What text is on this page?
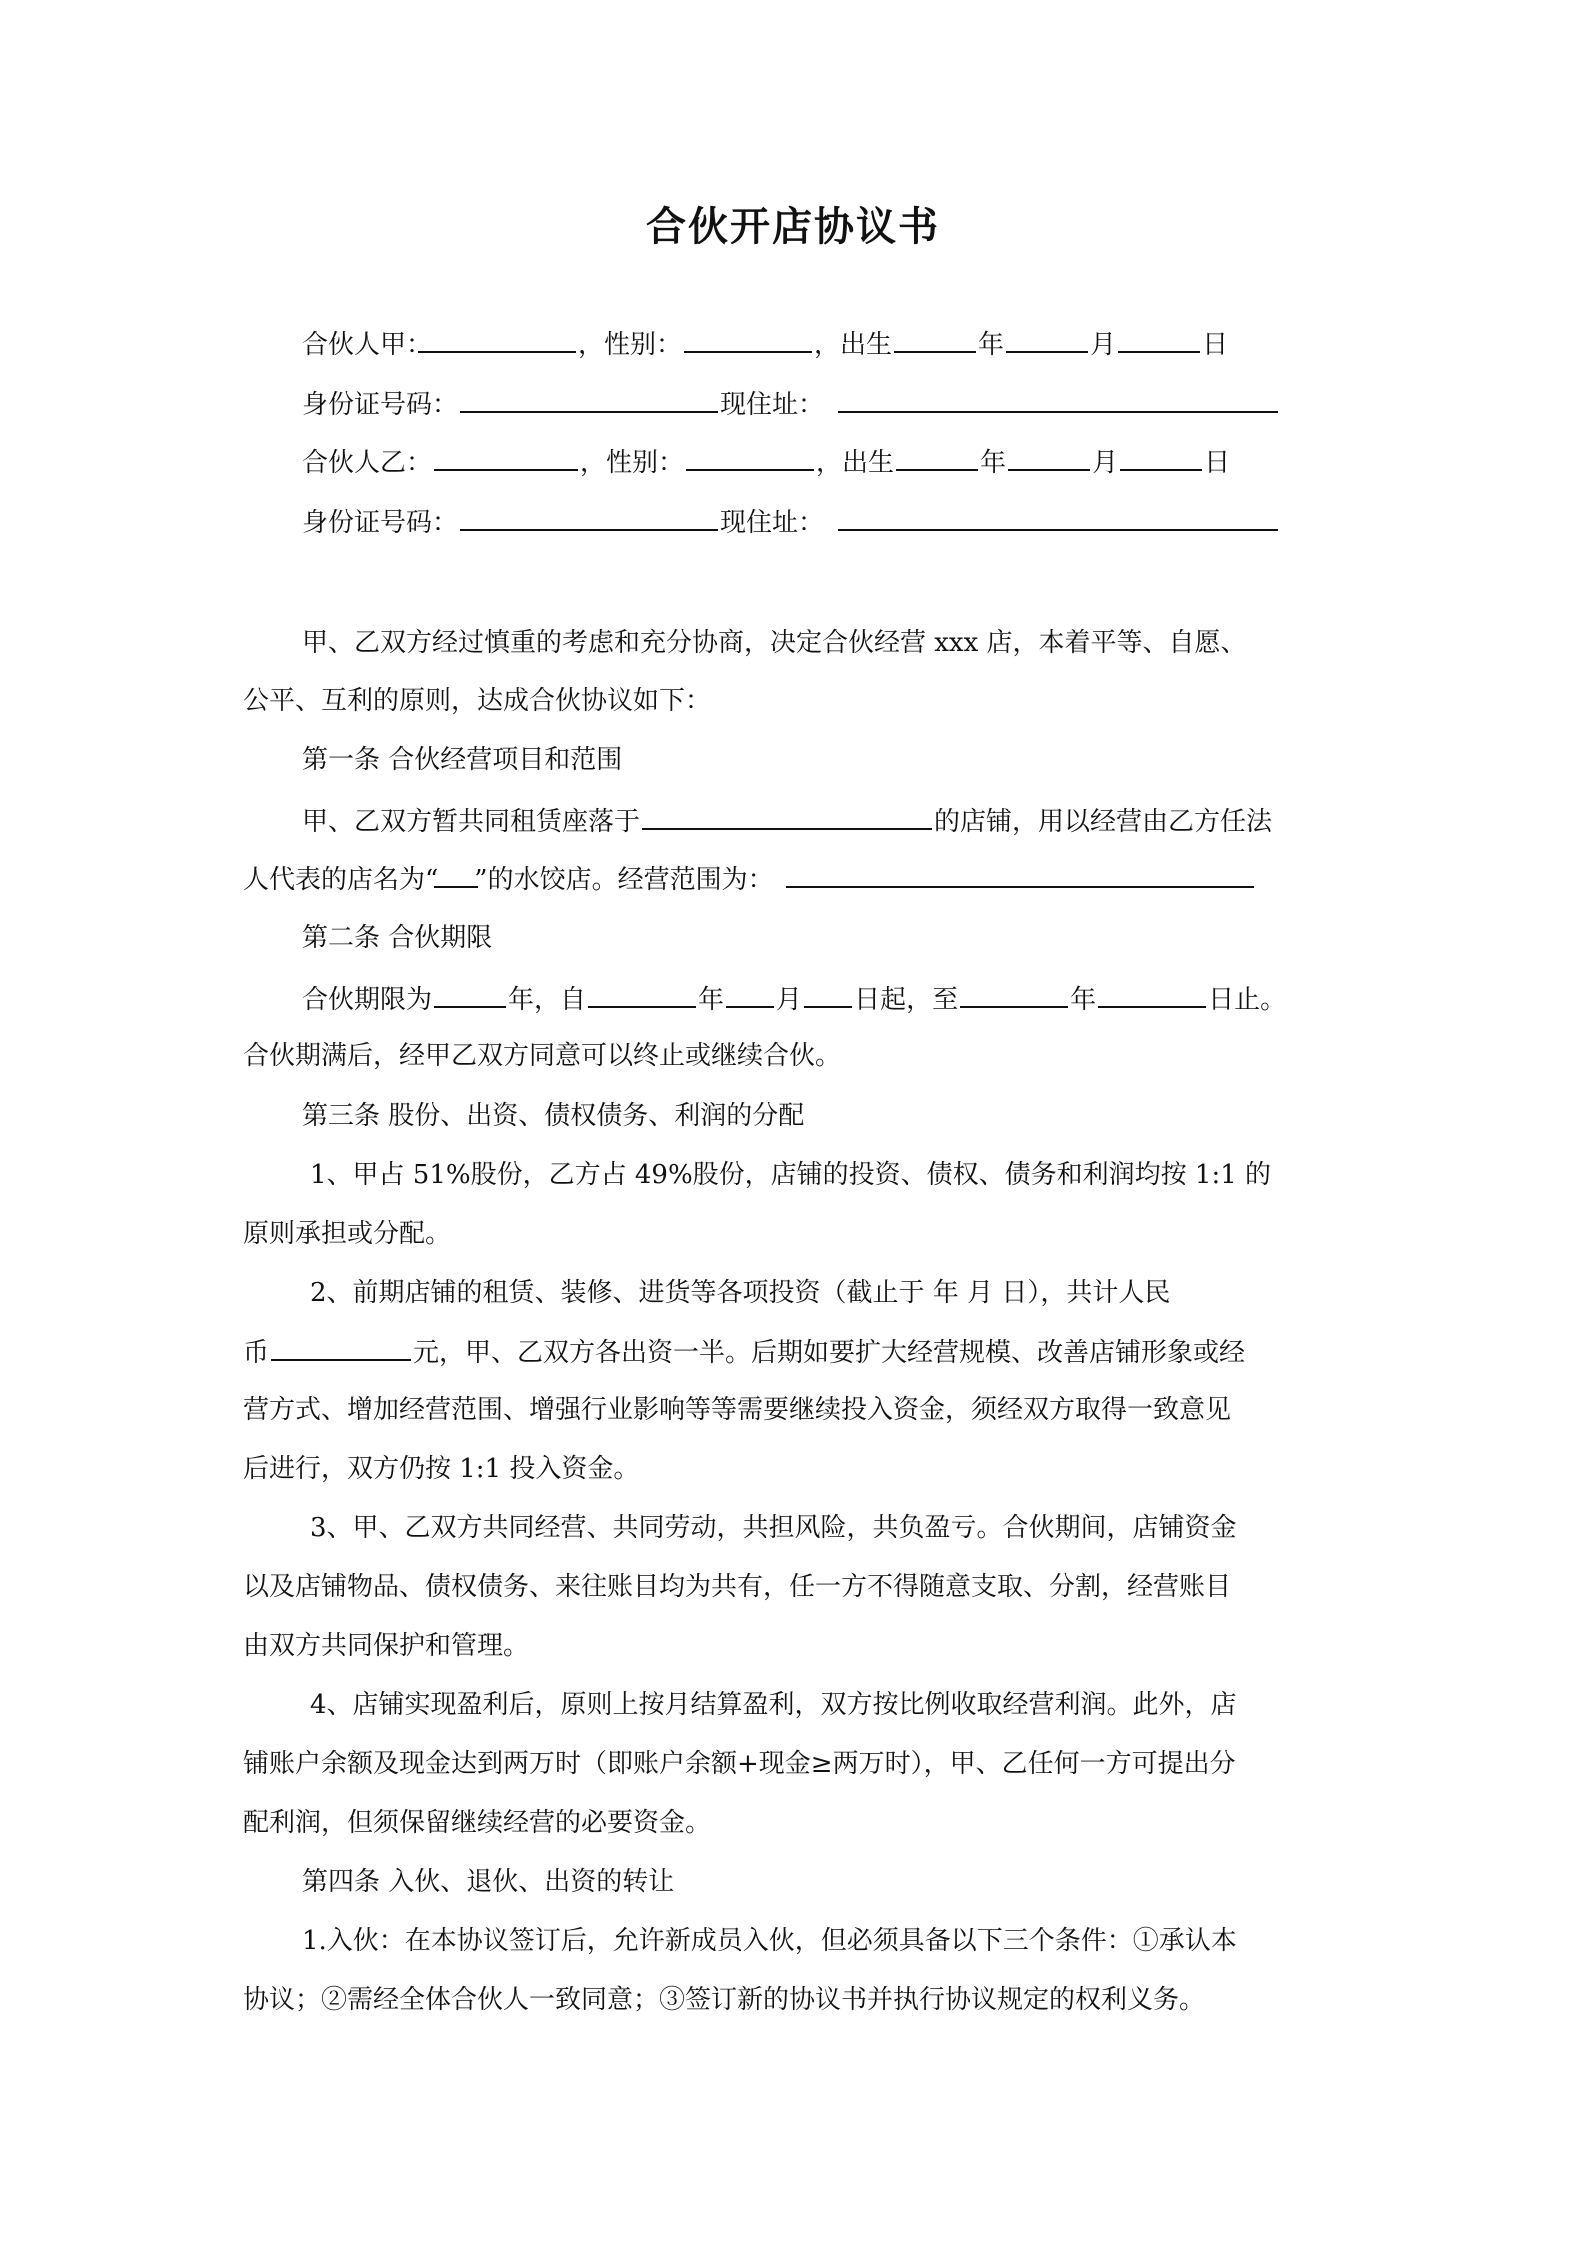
合伙开店协议书
合伙人甲：	，性别：	，出生	年	月	日
身份证号码：	现住址：
合伙人乙：	，性别：	，出生	年	月	日
身份证号码：	现住址：
甲、乙双方经过慎重的考虑和充分协商，决定合伙经营 xxx 店，本着平等、自愿、
公平、互利的原则，达成合伙协议如下：
第一条 合伙经营项目和范围
甲、乙双方暂共同租赁座落于	的店铺，用以经营由乙方任法
人代表的店名为“ ”的水饺店。经营范围为：
第二条 合伙期限
合伙期限为	年，自	年 月 日起，至	年	日止。
合伙期满后，经甲乙双方同意可以终止或继续合伙。
第三条 股份、出资、债权债务、利润的分配
1、甲占 51%股份，乙方占 49%股份，店铺的投资、债权、债务和利润均按 1:1 的
原则承担或分配。
2、前期店铺的租赁、装修、进货等各项投资（截止于 年 月 日），共计人民
币	元，甲、乙双方各出资一半。后期如要扩大经营规模、改善店铺形象或经
营方式、增加经营范围、增强行业影响等等需要继续投入资金，须经双方取得一致意见
后进行，双方仍按 1:1 投入资金。
3、甲、乙双方共同经营、共同劳动，共担风险，共负盈亏。合伙期间，店铺资金
以及店铺物品、债权债务、来往账目均为共有，任一方不得随意支取、分割，经营账目
由双方共同保护和管理。
4、店铺实现盈利后，原则上按月结算盈利，双方按比例收取经营利润。此外，店
铺账户余额及现金达到两万时（即账户余额+现金≥两万时），甲、乙任何一方可提出分
配利润，但须保留继续经营的必要资金。
第四条 入伙、退伙、出资的转让
1.入伙：在本协议签订后，允许新成员入伙，但必须具备以下三个条件：①承认本
协议；②需经全体合伙人一致同意；③签订新的协议书并执行协议规定的权利义务。
